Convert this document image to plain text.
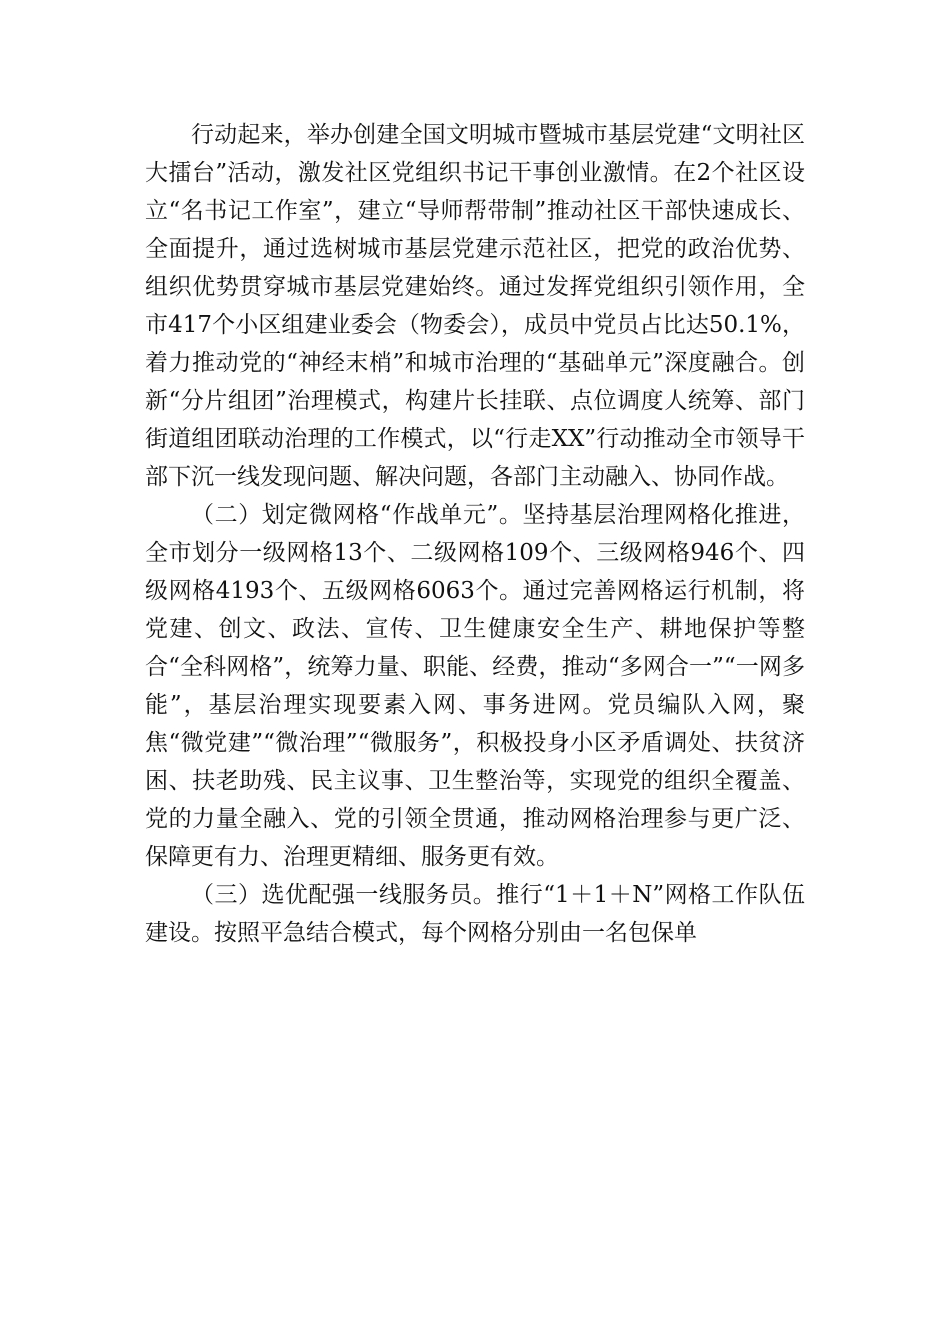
行动起来，举办创建全国文明城市暨城市基层党建“文明社区大擂台”活动，激发社区党组织书记干事创业激情。在2个社区设立“名书记工作室”，建立“导师帮带制”推动社区干部快速成长、全面提升，通过选树城市基层党建示范社区，把党的政治优势、组织优势贯穿城市基层党建始终。通过发挥党组织引领作用，全市417个小区组建业委会（物委会），成员中党员占比达50.1%，着力推动党的“神经末梢”和城市治理的“基础单元”深度融合。创新“分片组团”治理模式，构建片长挂联、点位调度人统筹、部门街道组团联动治理的工作模式，以“行走XX”行动推动全市领导干部下沉一线发现问题、解决问题，各部门主动融入、协同作战。

（二）划定微网格“作战单元”。坚持基层治理网格化推进，全市划分一级网格13个、二级网格109个、三级网格946个、四级网格4193个、五级网格6063个。通过完善网格运行机制，将党建、创文、政法、宣传、卫生健康安全生产、耕地保护等整合“全科网格”，统筹力量、职能、经费，推动“多网合一”“一网多能”，基层治理实现要素入网、事务进网。党员编队入网，聚焦“微党建”“微治理”“微服务”，积极投身小区矛盾调处、扶贫济困、扶老助残、民主议事、卫生整治等，实现党的组织全覆盖、党的力量全融入、党的引领全贯通，推动网格治理参与更广泛、保障更有力、治理更精细、服务更有效。

（三）选优配强一线服务员。推行“1＋1＋N”网格工作队伍建设。按照平急结合模式，每个网格分别由一名包保单
